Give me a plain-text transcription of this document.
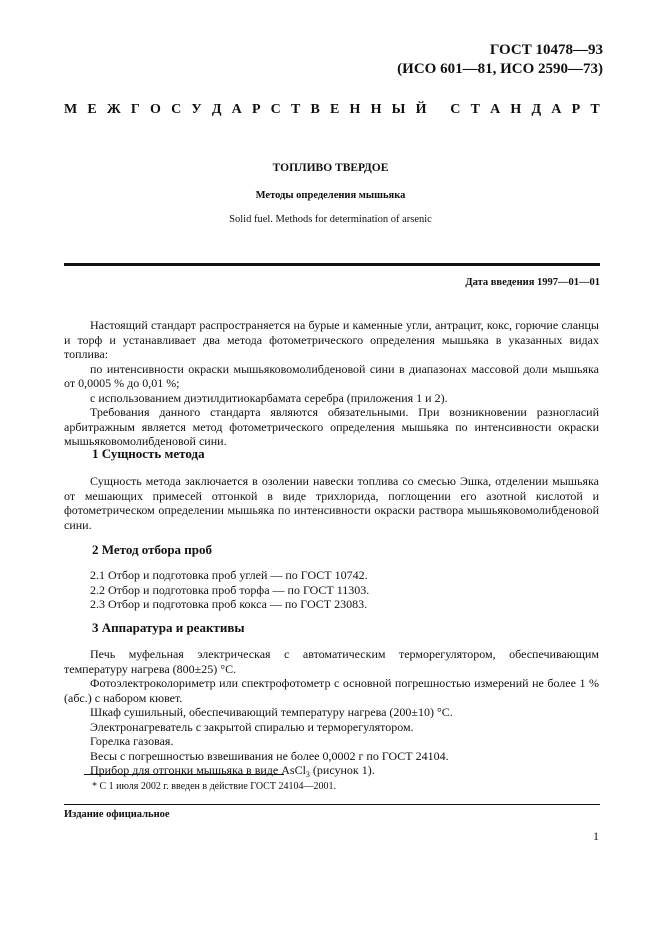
ГОСТ 10478—93
(ИСО 601—81, ИСО 2590—73)
М Е Ж Г О С У Д А Р С Т В Е Н Н Ы Й
С Т А Н Д А Р Т
ТОПЛИВО ТВЕРДОЕ
Методы определения мышьяка
Solid fuel. Methods for determination of arsenic
Дата введения 1997—01—01

Настоящий стандарт распространяется на бурые и каменные угли, антрацит, кокс, горючие сланцы и торф и устанавливает два метода фотометрического определения мышьяка в указанных видах топлива:

по интенсивности окраски мышьяковомолибденовой сини в диапазонах массовой доли мышьяка от 0,0005 % до 0,01 %;

с использованием диэтилдитиокарбамата серебра (приложения 1 и 2).

Требования данного стандарта являются обязательными. При возникновении разногласий арбитражным является метод фотометрического определения мышьяка по интенсивности окраски мышьяковомолибденовой сини.

1 Сущность метода

Сущность метода заключается в озолении навески топлива со смесью Эшка, отделении мышьяка от мешающих примесей отгонкой в виде трихлорида, поглощении его азотной кислотой и фотометрическом определении мышьяка по интенсивности окраски раствора мышьяковомолибденовой сини.

2 Метод отбора проб

2.1 Отбор и подготовка проб углей — по ГОСТ 10742.

2.2 Отбор и подготовка проб торфа — по ГОСТ 11303.

2.3 Отбор и подготовка проб кокса — по ГОСТ 23083.

3 Аппаратура и реактивы

Печь муфельная электрическая с автоматическим терморегулятором, обеспечивающим температуру нагрева (800±25) °С.

Фотоэлектроколориметр или спектрофотометр с основной погрешностью измерений не более 1 % (абс.) с набором кювет.

Шкаф сушильный, обеспечивающий температуру нагрева (200±10) °С.

Электронагреватель с закрытой спиралью и терморегулятором.

Горелка газовая.

Весы с погрешностью взвешивания не более 0,0002 г по ГОСТ 24104.

Прибор для отгонки мышьяка в виде AsCl$_3$ (рисунок 1).

* С 1 июля 2002 г. введен в действие ГОСТ 24104—2001.
Издание официальное
1
